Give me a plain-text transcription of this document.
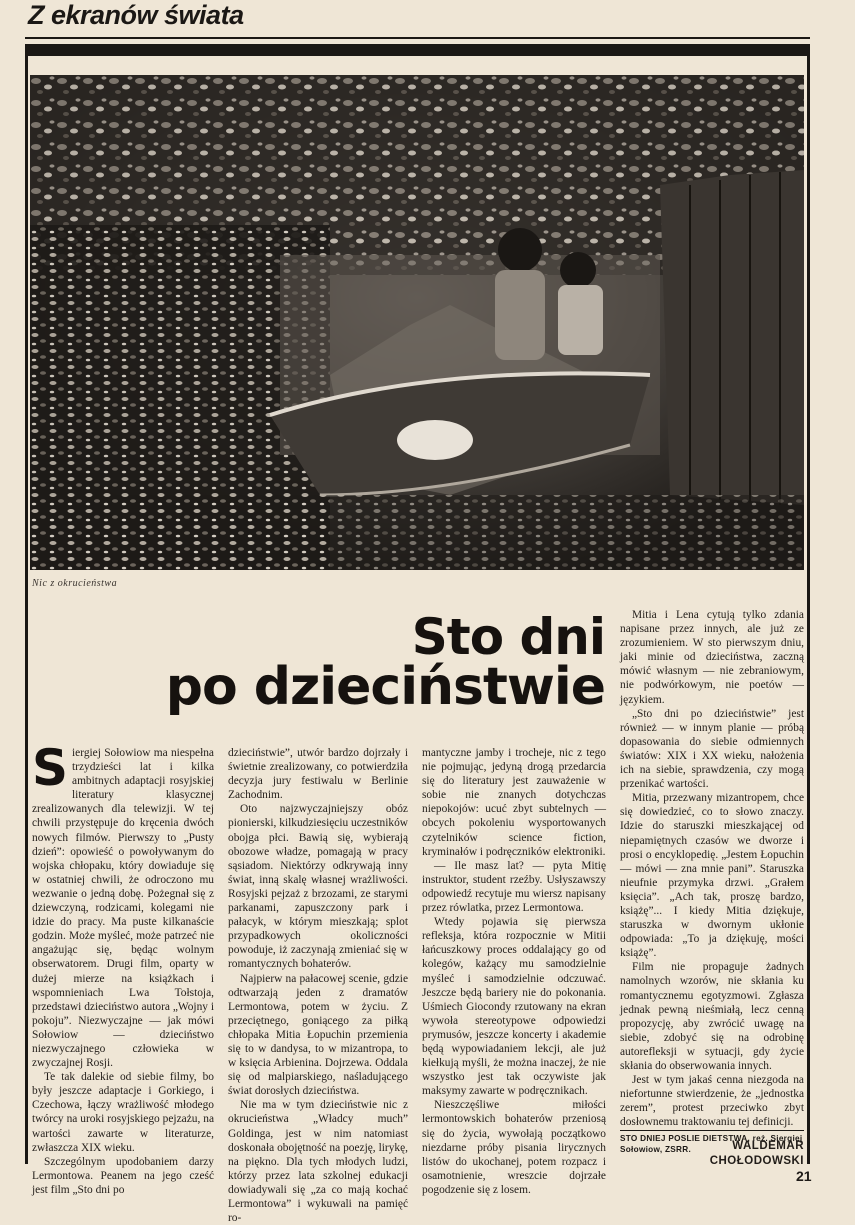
Z ekranów świata
Nic z okrucieństwa
Sto dni
po dzieciństwie

Siergiej Sołowiow ma niespełna trzydzieści lat i kilka ambitnych adaptacji rosyjskiej literatury klasycznej zrealizowanych dla telewizji. W tej chwili przystępuje do kręcenia dwóch nowych filmów. Pierwszy to „Pusty dzień”: opowieść o powoływanym do wojska chłopaku, który dowiaduje się w ostatniej chwili, że odroczono mu wezwanie o jedną dobę. Pożegnał się z dziewczyną, rodzicami, kolegami nie idzie do pracy. Ma puste kilkanaście godzin. Może myśleć, może patrzeć nie angażując się, będąc wolnym obserwatorem. Drugi film, oparty w dużej mierze na książkach i wspomnieniach Lwa Tołstoja, przedstawi dzieciństwo autora „Wojny i pokoju”. Niezwyczajne — jak mówi Sołowiow — dzieciństwo niezwyczajnego człowieka w zwyczajnej Rosji.

Te tak dalekie od siebie filmy, bo były jeszcze adaptacje i Gorkiego, i Czechowa, łączy wrażliwość młodego twórcy na uroki rosyjskiego pejzażu, na wartości zawarte w literaturze, zwłaszcza XIX wieku.

Szczególnym upodobaniem darzy Lermontowa. Peanem na jego cześć jest film „Sto dni po

dzieciństwie”, utwór bardzo dojrzały i świetnie zrealizowany, co potwierdziła decyzja jury festiwalu w Berlinie Zachodnim.

Oto najzwyczajniejszy obóz pionierski, kilkudziesięciu uczestników obojga płci. Bawią się, wybierają obozowe władze, pomagają w pracy sąsiadom. Niektórzy odkrywają inny świat, inną skalę własnej wrażliwości. Rosyjski pejzaż z brzozami, ze starymi parkanami, zapuszczony park i pałacyk, w którym mieszkają; splot przypadkowych okoliczności powoduje, iż zaczynają zmieniać się w romantycznych bohaterów.

Najpierw na pałacowej scenie, gdzie odtwarzają jeden z dramatów Lermontowa, potem w życiu. Z przeciętnego, goniącego za piłką chłopaka Mitia Łopuchin przemienia się to w dandysa, to w mizantropa, to w księcia Arbienina. Dojrzewa. Oddala się od malpiarskiego, naśladującego świat dorosłych dzieciństwa.

Nie ma w tym dzieciństwie nic z okrucieństwa „Władcy much” Goldinga, jest w nim natomiast doskonała obojętność na poezję, lirykę, na piękno. Dla tych młodych ludzi, którzy przez lata szkolnej edukacji dowiadywali się „za co mają kochać Lermontowa” i wykuwali na pamięć ro-

mantyczne jamby i trocheje, nic z tego nie pojmując, jedyną drogą przedarcia się do literatury jest zauważenie w sobie nie znanych dotychczas niepokojów: ucuć zbyt subtelnych — obcych pokoleniu wysportowanych czytelników science fiction, kryminałów i podręczników elektroniki.

— Ile masz lat? — pyta Mitię instruktor, student rzeźby. Usłyszawszy odpowiedź recytuje mu wiersz napisany przez rówlatka, przez Lermontowa.

Wtedy pojawia się pierwsza refleksja, która rozpocznie w Mitii łańcuszkowy proces oddalający go od kolegów, każący mu samodzielnie myśleć i samodzielnie odczuwać. Jeszcze będą bariery nie do pokonania. Uśmiech Giocondy rzutowany na ekran wywoła stereotypowe odpowiedzi prymusów, jeszcze koncerty i akademie będą wypowiadaniem lekcji, ale już kiełkują myśli, że można inaczej, że nie wszystko jest tak oczywiste jak maksymy zawarte w podręcznikach.

Nieszczęśliwe miłości lermontowskich bohaterów przeniosą się do życia, wywołają początkowo niezdarne próby pisania lirycznych listów do ukochanej, potem rozpacz i osamotnienie, wreszcie dojrzałe pogodzenie się z losem.

Mitia i Lena cytują tylko zdania napisane przez innych, ale już ze zrozumieniem. W sto pierwszym dniu, jaki minie od dzieciństwa, zaczną mówić własnym — nie zebraniowym, nie podwórkowym, nie poetów — językiem.

„Sto dni po dzieciństwie” jest również — w innym planie — próbą dopasowania do siebie odmiennych światów: XIX i XX wieku, nałożenia ich na siebie, sprawdzenia, czy mogą przenikać wartości.

Mitia, przezwany mizantropem, chce się dowiedzieć, co to słowo znaczy. Idzie do staruszki mieszkającej od niepamiętnych czasów we dworze i prosi o encyklopedię. „Jestem Łopuchin — mówi — zna mnie pani”. Staruszka nieufnie przymyka drzwi. „Grałem księcia”. „Ach tak, proszę bardzo, książę”... I kiedy Mitia dziękuje, staruszka w dwornym ukłonie odpowiada: „To ja dziękuję, mości książę”.

Film nie propaguje żadnych namolnych wzorów, nie skłania ku romantycznemu egotyzmowi. Zgłasza jednak pewną nieśmiałą, lecz cenną propozycję, aby zwrócić uwagę na siebie, zdobyć się na odrobinę autorefleksji w sytuacji, gdy życie skłania do obserwowania innych.

Jest w tym jakaś cenna niezgoda na niefortunne stwierdzenie, że „jednostka zerem”, protest przeciwko zbyt dosłownemu traktowaniu tej definicji.

WALDEMAR
CHOŁODOWSKI
STO DNIEJ POSLIE DIETSTWA, reż. Siergiej Sołowiow, ZSRR.
21
